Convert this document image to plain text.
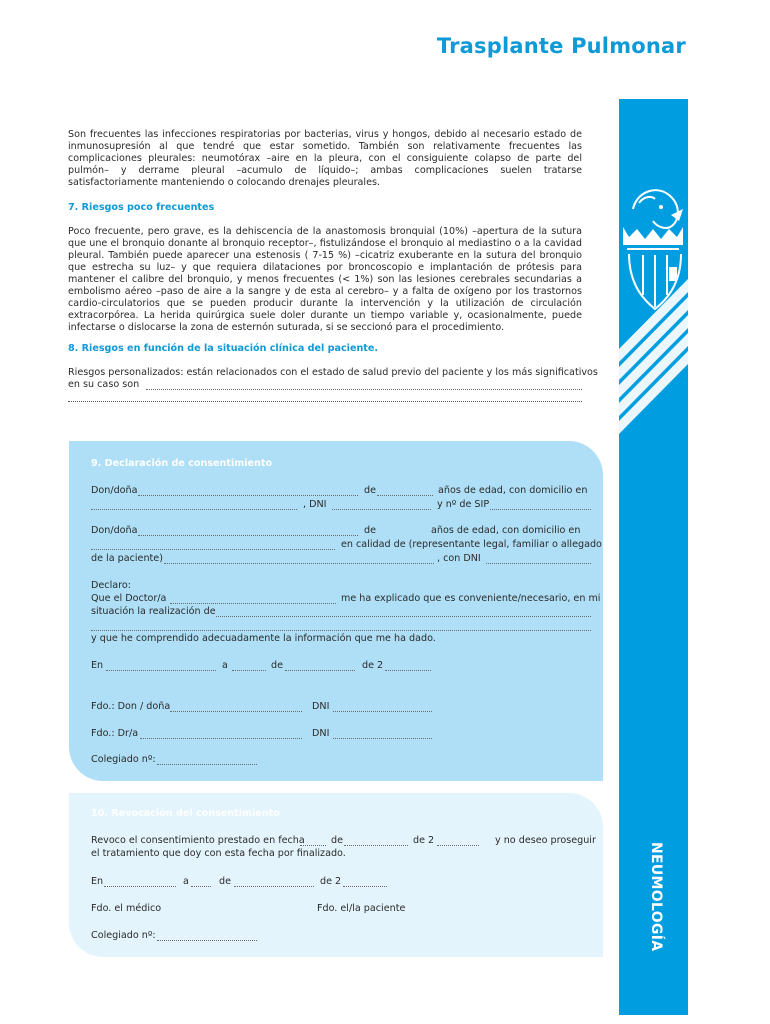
Trasplante Pulmonar
NEUMOLOGÍA

Son frecuentes las infecciones respiratorias por bacterias, virus y hongos, debido al necesario estado de inmunosupresión al que tendré que estar sometido. También son relativamente frecuentes las complicaciones pleurales: neumotórax –aire en la pleura, con el consiguiente colapso de parte del pulmón– y derrame pleural –acumulo de líquido–; ambas complicaciones suelen tratarse satisfactoriamente manteniendo o colocando drenajes pleurales.

7. Riesgos poco frecuentes

Poco frecuente, pero grave, es la dehiscencia de la anastomosis bronquial (10%) –apertura de la sutura que une el bronquio donante al bronquio receptor–, fistulizándose el bronquio al mediastino o a la cavidad pleural. También puede aparecer una estenosis ( 7-15 %) –cicatriz exuberante en la sutura del bronquio que estrecha su luz– y que requiera dilataciones por broncoscopio e implantación de prótesis para mantener el calibre del bronquio, y menos frecuentes (< 1%) son las lesiones cerebrales secundarias a embolismo aéreo –paso de aire a la sangre y de esta al cerebro– y a falta de oxígeno por los trastornos cardio-circulatorios que se pueden producir durante la intervención y la utilización de circulación extracorpórea. La herida quirúrgica suele doler durante un tiempo variable y, ocasionalmente, puede infectarse o dislocarse la zona de esternón suturada, si se seccionó para el procedimiento.

8. Riesgos en función de la situación clínica del paciente.
Riesgos personalizados: están relacionados con el estado de salud previo del paciente y los más significativos
en su caso son
9. Declaración de consentimiento
Don/doña	de	años de edad, con domicilio en
, DNI	y nº de SIP
Don/doña	de	años de edad, con domicilio en
en calidad de (representante legal, familiar o allegado
de la paciente)	, con DNI
Declaro:
Que el Doctor/a	me ha explicado que es conveniente/necesario, en mi
situación la realización de
y que he comprendido adecuadamente la información que me ha dado.
En	a	de	de 2
Fdo.: Don / doña	DNI
Fdo.: Dr/a	DNI
Colegiado nº:
10. Revocación del consentimiento
Revoco el consentimiento prestado en fecha	de	de 2	y no deseo proseguir
el tratamiento que doy con esta fecha por finalizado.
En	a	de	de 2
Fdo. el médico	Fdo. el/la paciente
Colegiado nº:
